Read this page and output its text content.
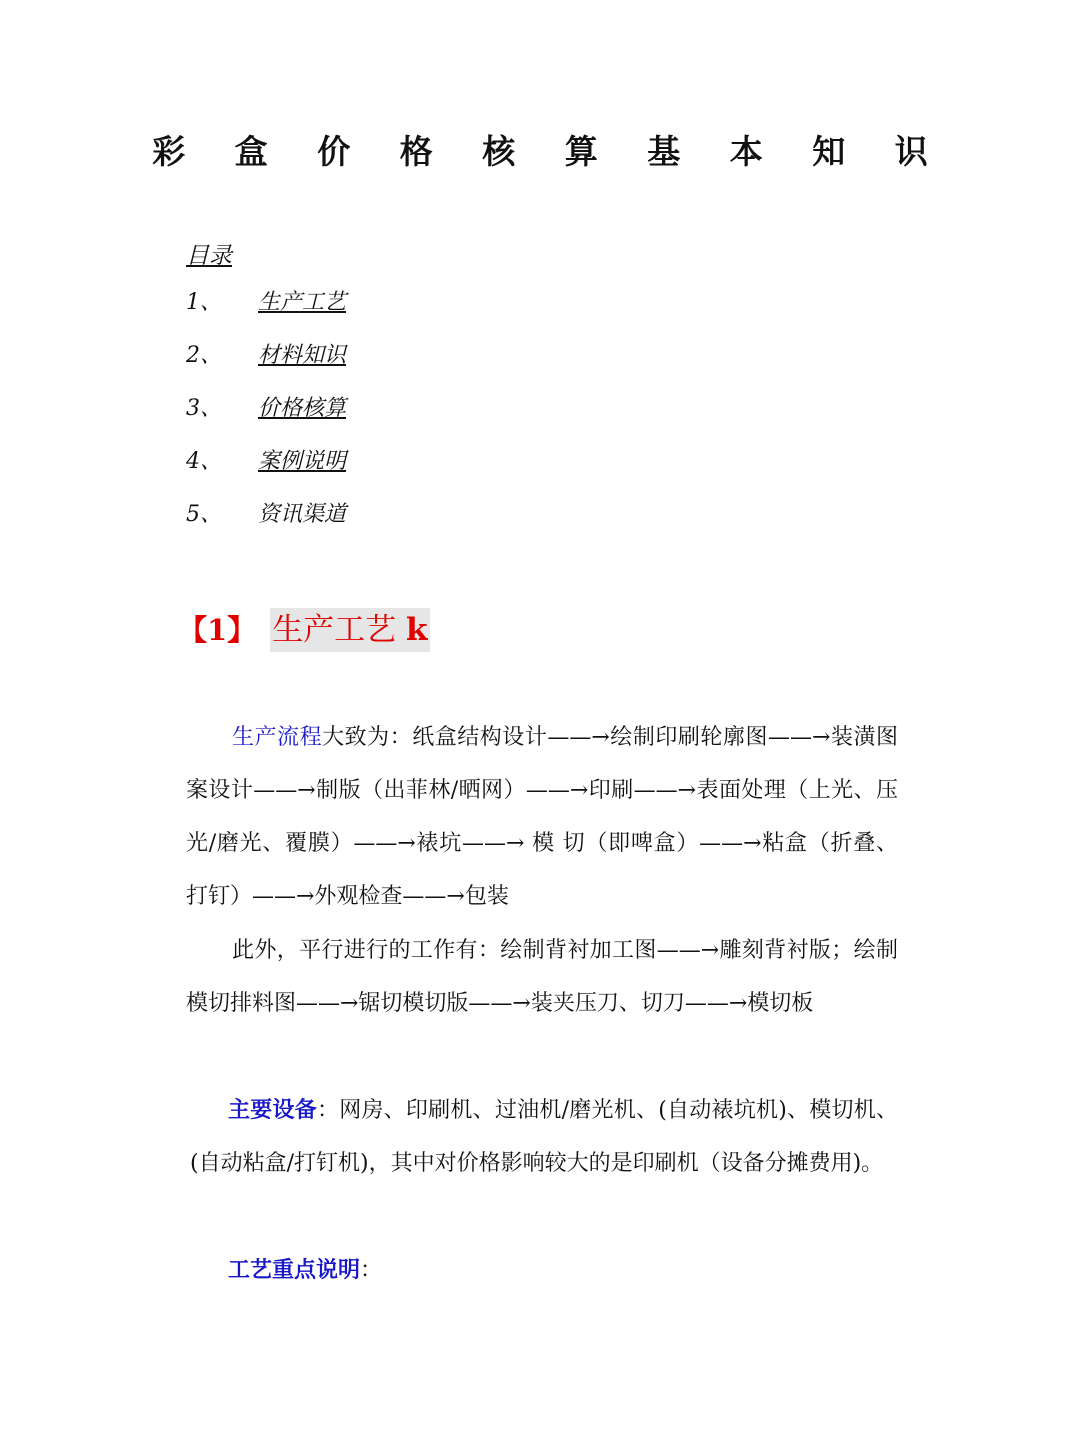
彩 盒 价 格 核 算 基 本 知 识
目录
1、	生产工艺
2、	材料知识
3、	价格核算
4、	案例说明
5、	资讯渠道
【1】 生产工艺 k
生产流程大致为：纸盒结构设计——→绘制印刷轮廓图——→装潢图案设计——→制版（出菲林/晒网）——→印刷——→表面处理（上光、压光/磨光、覆膜）——→裱坑——→ 模 切（即啤盒）——→粘盒（折叠、打钉）——→外观检查——→包装
此外，平行进行的工作有：绘制背衬加工图——→雕刻背衬版；绘制模切排料图——→锯切模切版——→装夹压刀、切刀——→模切板
主要设备：网房、印刷机、过油机/磨光机、(自动裱坑机)、模切机、(自动粘盒/打钉机)，其中对价格影响较大的是印刷机（设备分摊费用)。
工艺重点说明：
